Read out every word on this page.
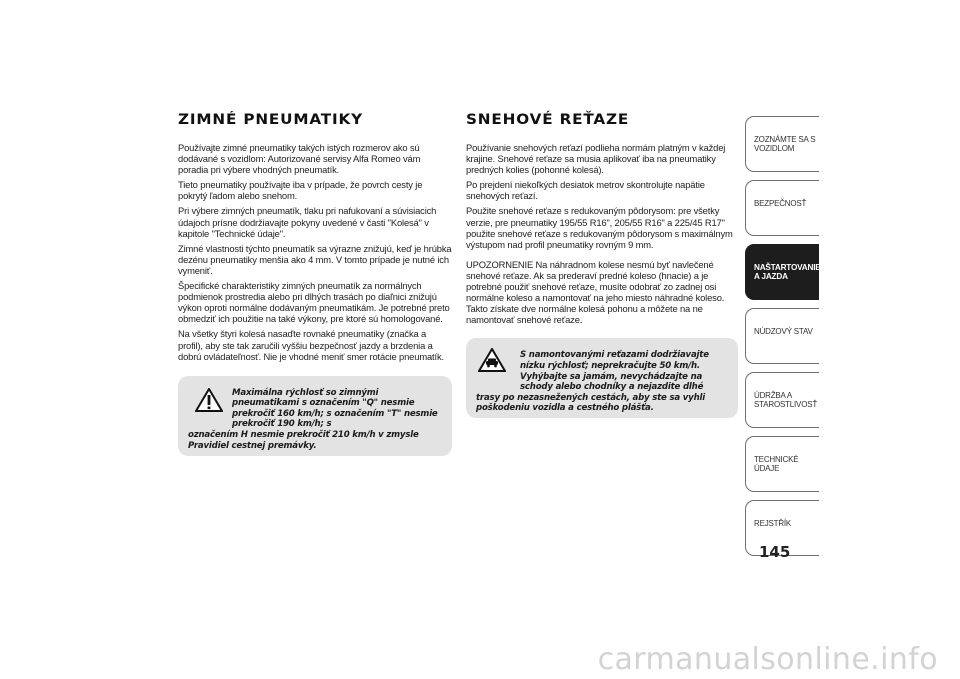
ZIMNÉ PNEUMATIKY

Používajte zimné pneumatiky takých istých rozmerov ako sú dodávané s vozidlom: Autorizované servisy Alfa Romeo vám poradia pri výbere vhodných pneumatík.

Tieto pneumatiky používajte iba v prípade, že povrch cesty je pokrytý ľadom alebo snehom.

Pri výbere zimných pneumatík, tlaku pri nafukovaní a súvisiacich údajoch prísne dodržiavajte pokyny uvedené v časti "Kolesá" v kapitole "Technické údaje".

Zimné vlastnosti týchto pneumatík sa výrazne znižujú, keď je hrúbka dezénu pneumatiky menšia ako 4 mm. V tomto prípade je nutné ich vymeniť.

Špecifické charakteristiky zimných pneumatík za normálnych podmienok prostredia alebo pri dlhých trasách po diaľnici znižujú výkon oproti normálne dodávaným pneumatikám. Je potrebné preto obmedziť ich použitie na také výkony, pre ktoré sú homologované.

Na všetky štyri kolesá nasaďte rovnaké pneumatiky (značka a profil), aby ste tak zaručili vyššiu bezpečnosť jazdy a brzdenia a dobrú ovládateľnosť. Nie je vhodné meniť smer rotácie pneumatík.

Maximálna rýchlosť so zimnými pneumatikami s označením "Q" nesmie prekročiť 160 km/h; s označením "T" nesmie prekročiť 190 km/h; s
označením H nesmie prekročiť 210 km/h v zmysle Pravidiel cestnej premávky.
SNEHOVÉ REŤAZE

Používanie snehových reťazí podlieha normám platným v každej krajine. Snehové reťaze sa musia aplikovať iba na pneumatiky predných kolies (pohonné kolesá).

Po prejdení niekoľkých desiatok metrov skontrolujte napätie snehových reťazí.

Použite snehové reťaze s redukovaným pôdorysom: pre všetky verzie, pre pneumatiky 195/55 R16", 205/55 R16" a 225/45 R17" použite snehové reťaze s redukovaným pôdorysom s maximálnym výstupom nad profil pneumatiky rovným 9 mm.

UPOZORNENIE Na náhradnom kolese nesmú byť navlečené snehové reťaze. Ak sa prederaví predné koleso (hnacie) a je potrebné použiť snehové reťaze, musíte odobrať zo zadnej osi normálne koleso a namontovať na jeho miesto náhradné koleso. Takto získate dve normálne kolesá pohonu a môžete na ne namontovať snehové reťaze.

S namontovanými reťazami dodržiavajte nízku rýchlosť; neprekračujte 50 km/h. Vyhýbajte sa jamám, nevychádzajte na schody alebo chodníky a nejazdite dlhé
trasy po nezasnežených cestách, aby ste sa vyhli poškodeniu vozidla a cestného plášťa.
ZOZNÁMTE SA S VOZIDLOM
BEZPEČNOSŤ
NAŠTARTOVANIE A JAZDA
NÚDZOVÝ STAV
ÚDRŽBA A STAROSTLIVOSŤ
TECHNICKÉ ÚDAJE
REJSTŘÍK
145
carmanualsonline.info
